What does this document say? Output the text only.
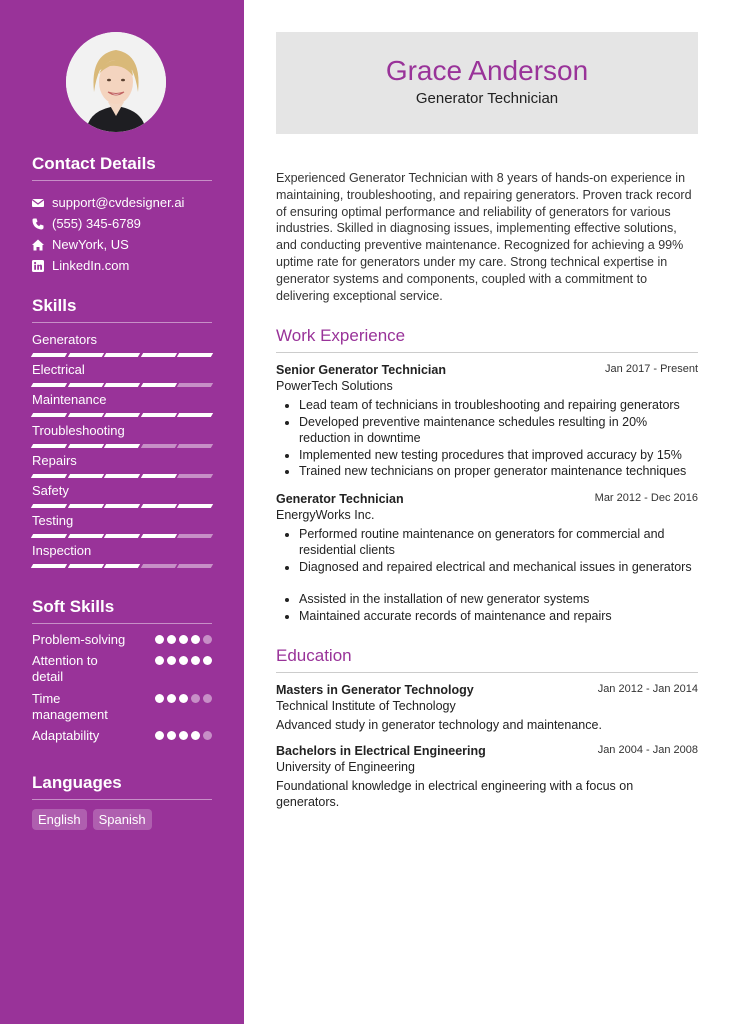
Contact Details
support@cvdesigner.ai
(555) 345-6789
NewYork, US
LinkedIn.com
Skills
Generators
Electrical
Maintenance
Troubleshooting
Repairs
Safety
Testing
Inspection
Soft Skills
Problem-solving
Attention to detail
Time management
Adaptability
Languages
English	Spanish
Grace Anderson
Generator Technician
Experienced Generator Technician with 8 years of hands-on experience in maintaining, troubleshooting, and repairing generators. Proven track record of ensuring optimal performance and reliability of generators for various industries. Skilled in diagnosing issues, implementing effective solutions, and conducting preventive maintenance. Recognized for achieving a 99% uptime rate for generators under my care. Strong technical expertise in generator systems and components, coupled with a commitment to delivering exceptional service.
Work Experience
Senior Generator Technician	Jan 2017 - Present
PowerTech Solutions
• Lead team of technicians in troubleshooting and repairing generators
• Developed preventive maintenance schedules resulting in 20% reduction in downtime
• Implemented new testing procedures that improved accuracy by 15%
• Trained new technicians on proper generator maintenance techniques
Generator Technician	Mar 2012 - Dec 2016
EnergyWorks Inc.
• Performed routine maintenance on generators for commercial and residential clients
• Diagnosed and repaired electrical and mechanical issues in generators
• Assisted in the installation of new generator systems
• Maintained accurate records of maintenance and repairs
Education
Masters in Generator Technology	Jan 2012 - Jan 2014
Technical Institute of Technology
Advanced study in generator technology and maintenance.
Bachelors in Electrical Engineering	Jan 2004 - Jan 2008
University of Engineering
Foundational knowledge in electrical engineering with a focus on generators.
